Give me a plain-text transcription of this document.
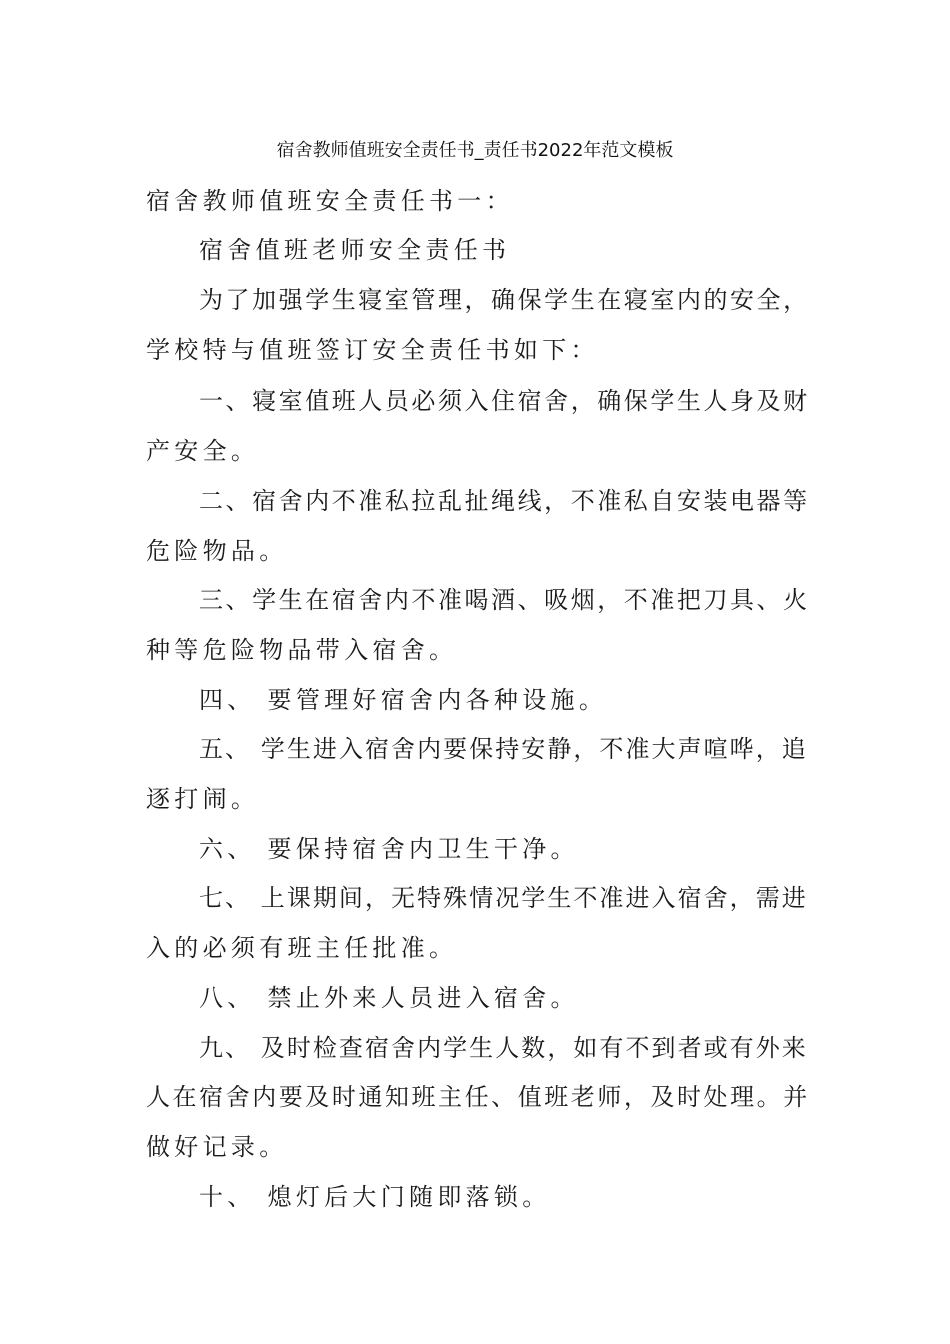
宿舍教师值班安全责任书_责任书2022年范文模板
宿舍教师值班安全责任书一：
宿舍值班老师安全责任书
为了加强学生寝室管理，确保学生在寝室内的安全，
学校特与值班签订安全责任书如下：
一、寝室值班人员必须入住宿舍，确保学生人身及财
产安全。
二、宿舍内不准私拉乱扯绳线，不准私自安装电器等
危险物品。
三、学生在宿舍内不准喝酒、吸烟，不准把刀具、火
种等危险物品带入宿舍。
四、 要管理好宿舍内各种设施。
五、 学生进入宿舍内要保持安静，不准大声喧哗，追
逐打闹。
六、 要保持宿舍内卫生干净。
七、 上课期间，无特殊情况学生不准进入宿舍，需进
入的必须有班主任批准。
八、 禁止外来人员进入宿舍。
九、 及时检查宿舍内学生人数，如有不到者或有外来
人在宿舍内要及时通知班主任、值班老师，及时处理。并
做好记录。
十、 熄灯后大门随即落锁。
